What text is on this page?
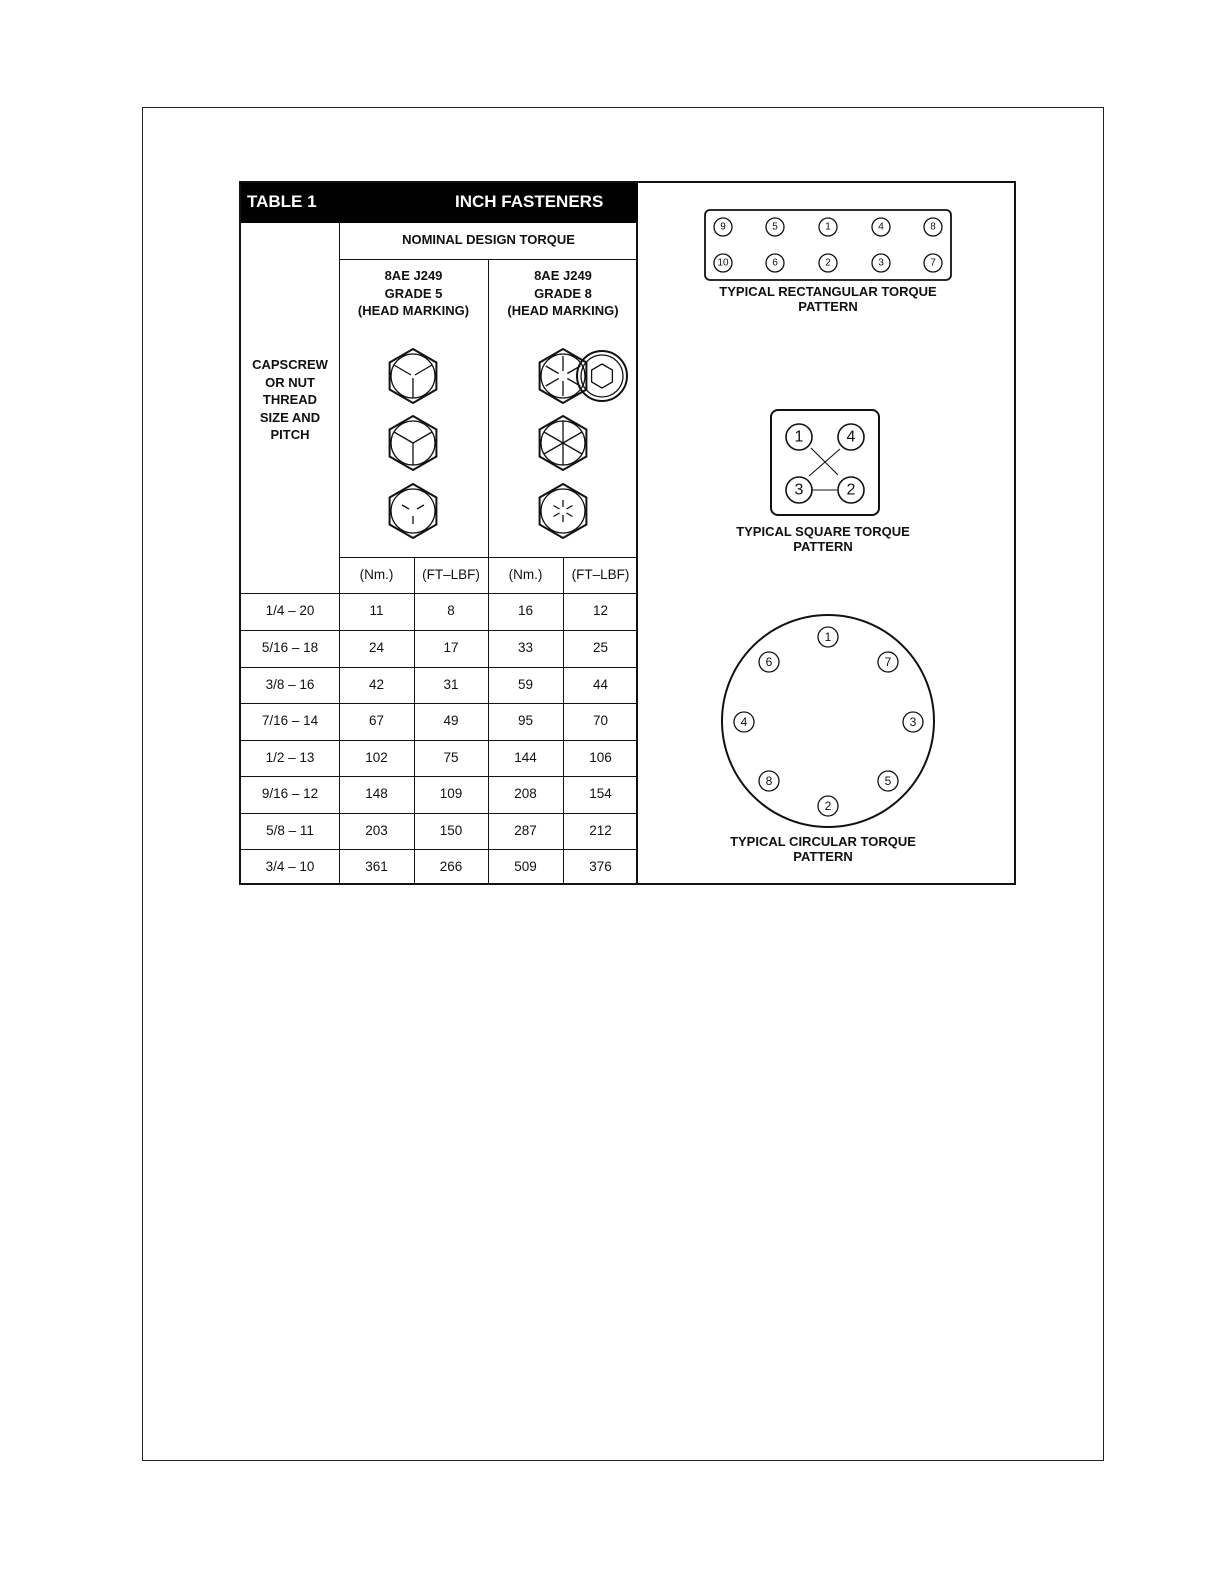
TABLE 1	INCH FASTENERS
NOMINAL DESIGN TORQUE
CAPSCREW
OR NUT
THREAD
SIZE AND
PITCH
8AE J249
GRADE 5
(HEAD MARKING)
8AE J249
GRADE 8
(HEAD MARKING)
(Nm.)	(FT–LBF)	(Nm.)	(FT–LBF)
1/4 – 20	11	8	16	12
5/16 – 18	24	17	33	25
3/8 – 16	42	31	59	44
7/16 – 14	67	49	95	70
1/2 – 13	102	75	144	106
9/16 – 12	148	109	208	154
5/8 – 11	203	150	287	212
3/4 – 10	361	266	509	376
9	5	1	4	8
10	6	2	3	7
1	4
3	2
1
7
3
5
2
8
4
6
TYPICAL RECTANGULAR TORQUE
PATTERN
TYPICAL SQUARE TORQUE
PATTERN
TYPICAL CIRCULAR TORQUE
PATTERN
